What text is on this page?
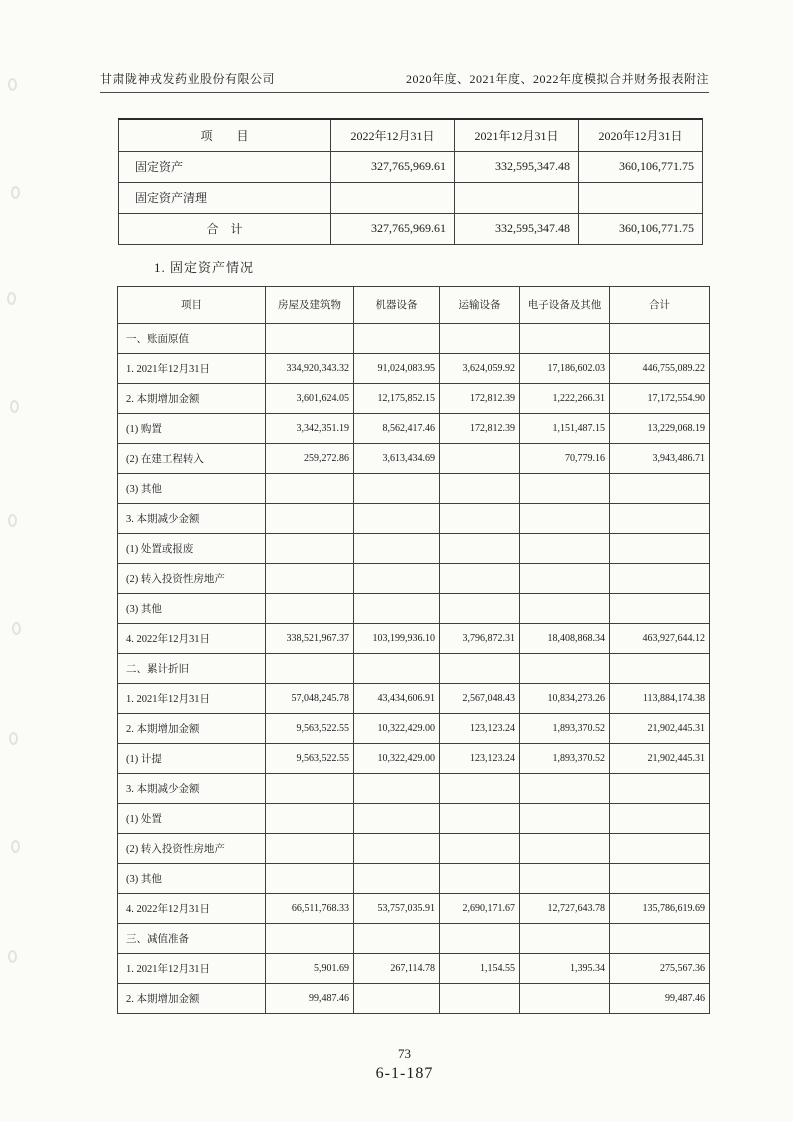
甘肃陇神戎发药业股份有限公司	2020年度、2021年度、2022年度模拟合并财务报表附注
项　　目	2022年12月31日	2021年12月31日	2020年12月31日
固定资产	327,765,969.61	332,595,347.48	360,106,771.75
固定资产清理			
合　计	327,765,969.61	332,595,347.48	360,106,771.75
1. 固定资产情况
项目	房屋及建筑物	机器设备	运输设备	电子设备及其他	合计
一、账面原值					
1. 2021年12月31日	334,920,343.32	91,024,083.95	3,624,059.92	17,186,602.03	446,755,089.22
2. 本期增加金额	3,601,624.05	12,175,852.15	172,812.39	1,222,266.31	17,172,554.90
(1) 购置	3,342,351.19	8,562,417.46	172,812.39	1,151,487.15	13,229,068.19
(2) 在建工程转入	259,272.86	3,613,434.69		70,779.16	3,943,486.71
(3) 其他					
3. 本期减少金额					
(1) 处置或报废					
(2) 转入投资性房地产					
(3) 其他					
4. 2022年12月31日	338,521,967.37	103,199,936.10	3,796,872.31	18,408,868.34	463,927,644.12
二、累计折旧					
1. 2021年12月31日	57,048,245.78	43,434,606.91	2,567,048.43	10,834,273.26	113,884,174.38
2. 本期增加金额	9,563,522.55	10,322,429.00	123,123.24	1,893,370.52	21,902,445.31
(1) 计提	9,563,522.55	10,322,429.00	123,123.24	1,893,370.52	21,902,445.31
3. 本期减少金额					
(1) 处置					
(2) 转入投资性房地产					
(3) 其他					
4. 2022年12月31日	66,511,768.33	53,757,035.91	2,690,171.67	12,727,643.78	135,786,619.69
三、减值准备					
1. 2021年12月31日	5,901.69	267,114.78	1,154.55	1,395.34	275,567.36
2. 本期增加金额	99,487.46				99,487.46
73
6-1-187
